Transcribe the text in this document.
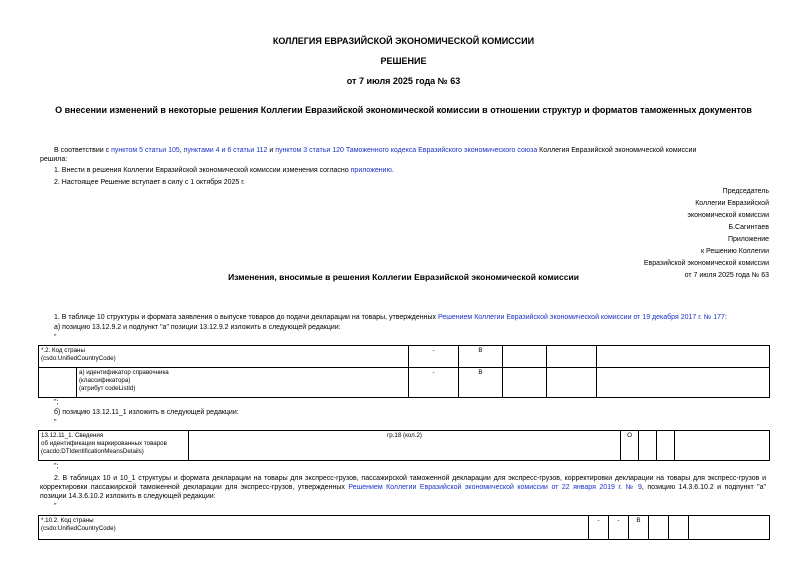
КОЛЛЕГИЯ ЕВРАЗИЙСКОЙ ЭКОНОМИЧЕСКОЙ КОМИССИИ
РЕШЕНИЕ
от 7 июля 2025 года № 63
О внесении изменений в некоторые решения Коллегии Евразийской экономической комиссии в отношении структур и форматов таможенных документов
В соответствии с пунктом 5 статьи 105, пунктами 4 и 6 статьи 112 и пунктом 3 статьи 120 Таможенного кодекса Евразийского экономического союза Коллегия Евразийской экономической комиссии
решила:
1. Внести в решения Коллегии Евразийской экономической комиссии изменения согласно приложению.
2. Настоящее Решение вступает в силу с 1 октября 2025 г.
Председатель
Коллегии Евразийской
экономической комиссии
Б.Сагинтаев
Приложение
к Решению Коллегии
Евразийской экономической комиссии
от 7 июля 2025 года № 63
Изменения, вносимые в решения Коллегии Евразийской экономической комиссии
1. В таблице 10 структуры и формата заявления о выпуске товаров до подачи декларации на товары, утвержденных Решением Коллегии Евразийской экономической комиссии от 19 декабря 2017 г. № 177:
а) позицию 13.12.9.2 и подпункт "а" позиции 13.12.9.2 изложить в следующей редакции:
"
*.2. Код страны
(csdo:UnifiedCountryCode)		-	В			

	а) идентификатор справочника
(классификатора)
(атрибут codeListId)	-	В			
";
б) позицию 13.12.11_1 изложить в следующей редакции:
"
13.12.11_1. Сведения
об идентификации маркированных товаров
(cacdo:DTIdentificationMeansDetails)
	гр.18 (кол.2)	О			
";
2. В таблицах 10 и 10_1 структуры и формата декларации на товары для экспресс-грузов, пассажирской таможенной декларации для экспресс-грузов, корректировки декларации на товары для экспресс-грузов и
корректировки пассажирской таможенной декларации для экспресс-грузов, утвержденных Решением Коллегии Евразийской экономической комиссии от 22 января 2019 г. № 9, позицию 14.3.6.10.2 и подпункт "а"
позиции 14.3.6.10.2 изложить в следующей редакции:
"
*.10.2. Код страны
(csdo:UnifiedCountryCode)
	-	-	В			
